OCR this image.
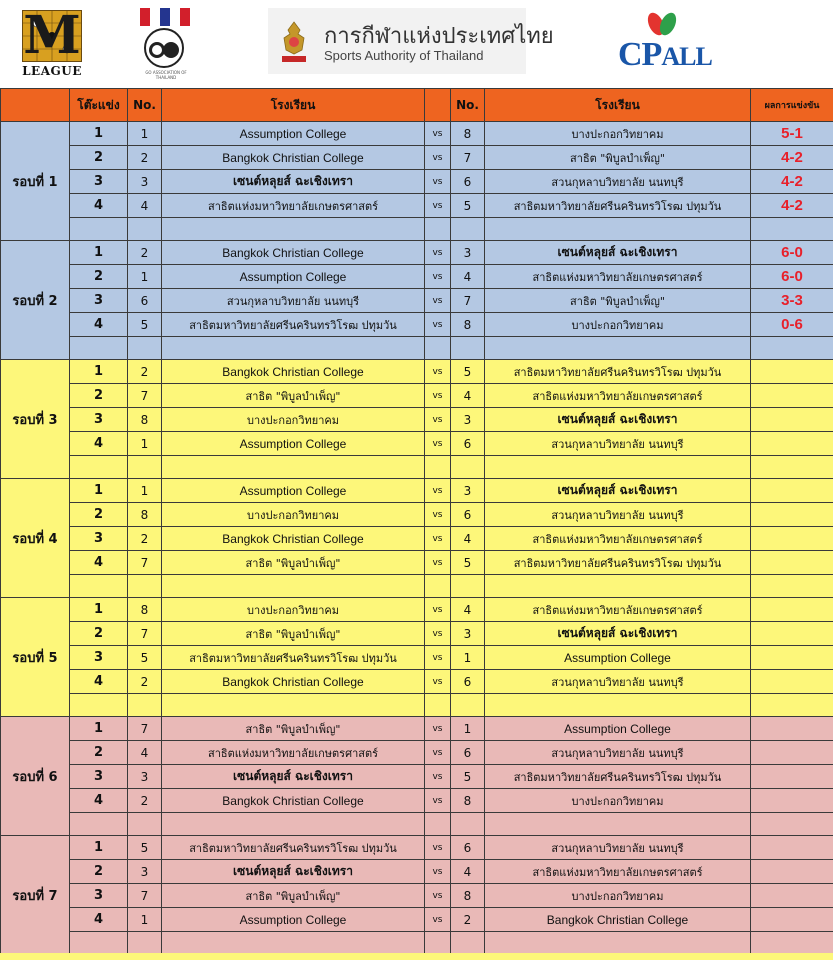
M
LEAGUE	GO ASSOCIATION OF THAILAND
การกีฬาแห่งประเทศไทย
Sports Authority of Thailand	CPALL
	โต๊ะแข่ง	No.	โรงเรียน		No.	โรงเรียน	ผลการแข่งขัน
รอบที่ 1	1	1	Assumption College	vs	8	บางปะกอกวิทยาคม	5-1
	2	2	Bangkok Christian College	vs	7	สาธิต "พิบูลบำเพ็ญ"	4-2
	3	3	เซนต์หลุยส์ ฉะเชิงเทรา	vs	6	สวนกุหลาบวิทยาลัย นนทบุรี	4-2
	4	4	สาธิตแห่งมหาวิทยาลัยเกษตรศาสตร์	vs	5	สาธิตมหาวิทยาลัยศรีนครินทรวิโรฒ ปทุมวัน	4-2

รอบที่ 2	1	2	Bangkok Christian College	vs	3	เซนต์หลุยส์ ฉะเชิงเทรา	6-0
	2	1	Assumption College	vs	4	สาธิตแห่งมหาวิทยาลัยเกษตรศาสตร์	6-0
	3	6	สวนกุหลาบวิทยาลัย นนทบุรี	vs	7	สาธิต "พิบูลบำเพ็ญ"	3-3
	4	5	สาธิตมหาวิทยาลัยศรีนครินทรวิโรฒ ปทุมวัน	vs	8	บางปะกอกวิทยาคม	0-6

รอบที่ 3	1	2	Bangkok Christian College	vs	5	สาธิตมหาวิทยาลัยศรีนครินทรวิโรฒ ปทุมวัน	
	2	7	สาธิต "พิบูลบำเพ็ญ"	vs	4	สาธิตแห่งมหาวิทยาลัยเกษตรศาสตร์	
	3	8	บางปะกอกวิทยาคม	vs	3	เซนต์หลุยส์ ฉะเชิงเทรา	
	4	1	Assumption College	vs	6	สวนกุหลาบวิทยาลัย นนทบุรี	

รอบที่ 4	1	1	Assumption College	vs	3	เซนต์หลุยส์ ฉะเชิงเทรา	
	2	8	บางปะกอกวิทยาคม	vs	6	สวนกุหลาบวิทยาลัย นนทบุรี	
	3	2	Bangkok Christian College	vs	4	สาธิตแห่งมหาวิทยาลัยเกษตรศาสตร์	
	4	7	สาธิต "พิบูลบำเพ็ญ"	vs	5	สาธิตมหาวิทยาลัยศรีนครินทรวิโรฒ ปทุมวัน	

รอบที่ 5	1	8	บางปะกอกวิทยาคม	vs	4	สาธิตแห่งมหาวิทยาลัยเกษตรศาสตร์	
	2	7	สาธิต "พิบูลบำเพ็ญ"	vs	3	เซนต์หลุยส์ ฉะเชิงเทรา	
	3	5	สาธิตมหาวิทยาลัยศรีนครินทรวิโรฒ ปทุมวัน	vs	1	Assumption College	
	4	2	Bangkok Christian College	vs	6	สวนกุหลาบวิทยาลัย นนทบุรี	

รอบที่ 6	1	7	สาธิต "พิบูลบำเพ็ญ"	vs	1	Assumption College	
	2	4	สาธิตแห่งมหาวิทยาลัยเกษตรศาสตร์	vs	6	สวนกุหลาบวิทยาลัย นนทบุรี	
	3	3	เซนต์หลุยส์ ฉะเชิงเทรา	vs	5	สาธิตมหาวิทยาลัยศรีนครินทรวิโรฒ ปทุมวัน	
	4	2	Bangkok Christian College	vs	8	บางปะกอกวิทยาคม	

รอบที่ 7	1	5	สาธิตมหาวิทยาลัยศรีนครินทรวิโรฒ ปทุมวัน	vs	6	สวนกุหลาบวิทยาลัย นนทบุรี	
	2	3	เซนต์หลุยส์ ฉะเชิงเทรา	vs	4	สาธิตแห่งมหาวิทยาลัยเกษตรศาสตร์	
	3	7	สาธิต "พิบูลบำเพ็ญ"	vs	8	บางปะกอกวิทยาคม	
	4	1	Assumption College	vs	2	Bangkok Christian College	
